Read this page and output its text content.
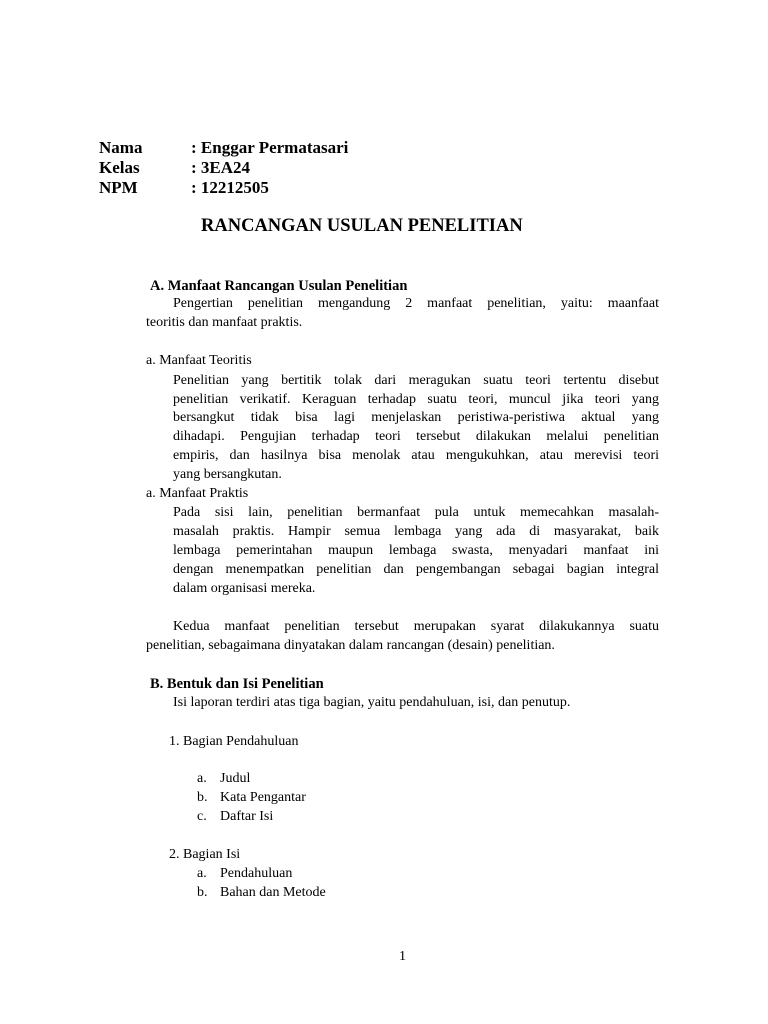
Nama	: Enggar Permatasari
Kelas	: 3EA24
NPM	: 12212505
RANCANGAN USULAN PENELITIAN
A. Manfaat Rancangan Usulan Penelitian
Pengertian penelitian mengandung 2 manfaat penelitian, yaitu: maanfaat
teoritis dan manfaat praktis.
a. Manfaat Teoritis
Penelitian yang bertitik tolak dari meragukan suatu teori tertentu disebut
penelitian verikatif. Keraguan terhadap suatu teori, muncul jika teori yang
bersangkut tidak bisa lagi menjelaskan peristiwa-peristiwa aktual yang
dihadapi. Pengujian terhadap teori tersebut dilakukan melalui penelitian
empiris, dan hasilnya bisa menolak atau mengukuhkan, atau merevisi teori
yang bersangkutan.
a. Manfaat Praktis
Pada sisi lain, penelitian bermanfaat pula untuk memecahkan masalah-
masalah praktis. Hampir semua lembaga yang ada di masyarakat, baik
lembaga pemerintahan maupun lembaga swasta, menyadari manfaat ini
dengan menempatkan penelitian dan pengembangan sebagai bagian integral
dalam organisasi mereka.
Kedua manfaat penelitian tersebut merupakan syarat dilakukannya suatu
penelitian, sebagaimana dinyatakan dalam rancangan (desain) penelitian.
B. Bentuk dan Isi Penelitian
Isi laporan terdiri atas tiga bagian, yaitu pendahuluan, isi, dan penutup.
1. Bagian Pendahuluan
a. Judul
b. Kata Pengantar
c. Daftar Isi
2. Bagian Isi
a. Pendahuluan
b. Bahan dan Metode
1
